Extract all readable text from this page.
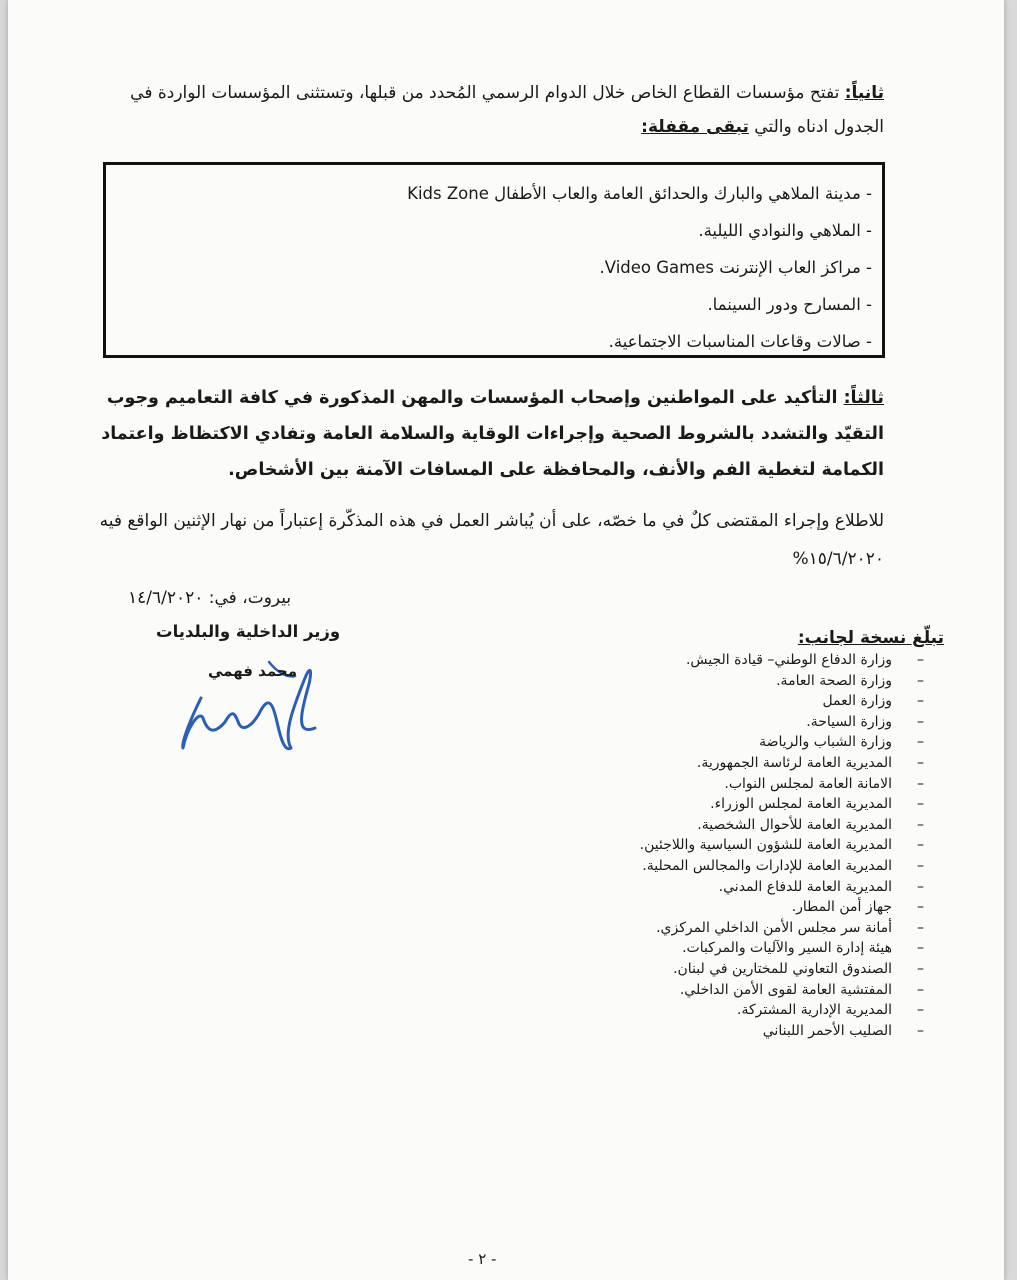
ثانياً: تفتح مؤسسات القطاع الخاص خلال الدوام الرسمي المُحدد من قبلها، وتستثنى المؤسسات الواردة في الجدول ادناه والتي تبقى مقفلة:
- مدينة الملاهي والبارك والحدائق العامة والعاب الأطفال Kids Zone
- الملاهي والنوادي الليلية.
- مراكز العاب الإنترنت Video Games.
- المسارح ودور السينما.
- صالات وقاعات المناسبات الاجتماعية.
ثالثاً: التأكيد على المواطنين وإصحاب المؤسسات والمهن المذكورة في كافة التعاميم وجوب التقيّد والتشدد بالشروط الصحية وإجراءات الوقاية والسلامة العامة وتفادي الاكتظاظ واعتماد الكمامة لتغطية الفم والأنف، والمحافظة على المسافات الآمنة بين الأشخاص.
للاطلاع وإجراء المقتضى كلٌ في ما خصّه، على أن يُباشر العمل في هذه المذكّرة إعتباراً من نهار الإثنين الواقع فيه ١٥/٦/٢٠٢٠%
بيروت، في: ١٤/٦/٢٠٢٠
وزير الداخلية والبلديات
محمد فهمي
تبلّغ نسخة لجانب:
–
وزارة الدفاع الوطني– قيادة الجيش.
–
وزارة الصحة العامة.
–
وزارة العمل
–
وزارة السياحة.
–
وزارة الشباب والرياضة
–
المديرية العامة لرئاسة الجمهورية.
–
الامانة العامة لمجلس النواب.
–
المديرية العامة لمجلس الوزراء.
–
المديرية العامة للأحوال الشخصية.
–
المديرية العامة للشؤون السياسية واللاجئين.
–
المديرية العامة للإدارات والمجالس المحلية.
–
المديرية العامة للدفاع المدني.
–
جهاز أمن المطار.
–
أمانة سر مجلس الأمن الداخلي المركزي.
–
هيئة إدارة السير والآليات والمركبات.
–
الصندوق التعاوني للمختارين في لبنان.
–
المفتشية العامة لقوى الأمن الداخلي.
–
المديرية الإدارية المشتركة.
–
الصليب الأحمر اللبناني
- ٢ -
